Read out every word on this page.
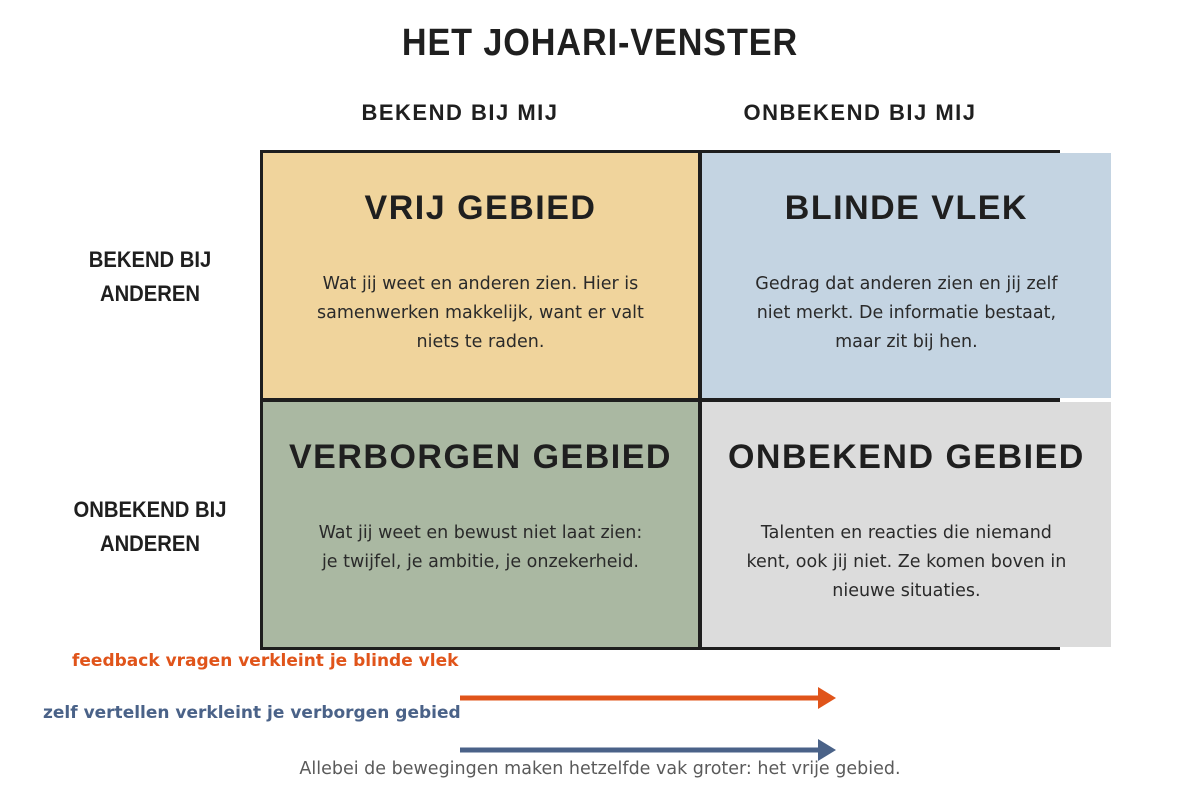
HET JOHARI-VENSTER
BEKEND BIJ MIJ	ONBEKEND BIJ MIJ
BEKEND BIJ
ANDEREN
ONBEKEND BIJ
ANDEREN
VRIJ GEBIED
Wat jij weet en anderen zien. Hier is
samenwerken makkelijk, want er valt
niets te raden.
BLINDE VLEK
Gedrag dat anderen zien en jij zelf
niet merkt. De informatie bestaat,
maar zit bij hen.
VERBORGEN GEBIED
Wat jij weet en bewust niet laat zien:
je twijfel, je ambitie, je onzekerheid.
ONBEKEND GEBIED
Talenten en reacties die niemand
kent, ook jij niet. Ze komen boven in
nieuwe situaties.
feedback vragen verkleint je blinde vlek
zelf vertellen verkleint je verborgen gebied
Allebei de bewegingen maken hetzelfde vak groter: het vrije gebied.
